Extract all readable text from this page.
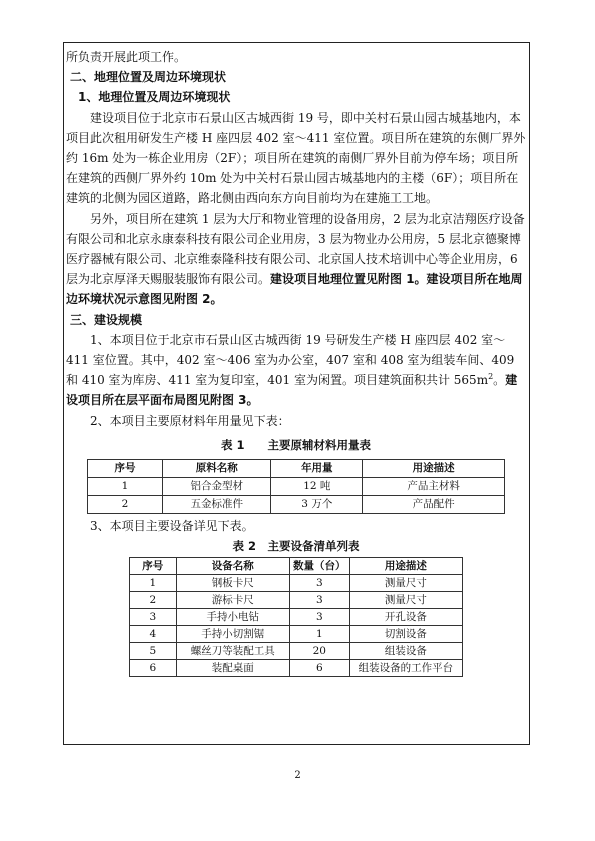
所负责开展此项工作。

二、地理位置及周边环境现状

1、地理位置及周边环境现状

建设项目位于北京市石景山区古城西街 19 号，即中关村石景山园古城基地内，本项目此次租用研发生产楼 H 座四层 402 室～411 室位置。项目所在建筑的东侧厂界外约 16m 处为一栋企业用房（2F）；项目所在建筑的南侧厂界外目前为停车场；项目所在建筑的西侧厂界外约 10m 处为中关村石景山园古城基地内的主楼（6F）；项目所在建筑的北侧为园区道路，路北侧由西向东方向目前均为在建施工工地。

另外，项目所在建筑 1 层为大厅和物业管理的设备用房，2 层为北京洁翔医疗设备有限公司和北京永康泰科技有限公司企业用房，3 层为物业办公用房，5 层北京德聚博医疗器械有限公司、北京维泰隆科技有限公司、北京国人技术培训中心等企业用房，6 层为北京厚泽天赐服装服饰有限公司。建设项目地理位置见附图 1。建设项目所在地周边环境状况示意图见附图 2。

三、建设规模

1、本项目位于北京市石景山区古城西街 19 号研发生产楼 H 座四层 402 室～411 室位置。其中，402 室～406 室为办公室，407 室和 408 室为组装车间、409 和 410 室为库房、411 室为复印室，401 室为闲置。项目建筑面积共计 $565m^2$。建设项目所在层平面布局图见附图 3。

2、本项目主要原材料年用量见下表：

表 1　　主要原辅材料用量表
序号	原料名称	年用量	用途描述
1	铝合金型材	12 吨	产品主材料
2	五金标准件	3 万个	产品配件

3、本项目主要设备详见下表。

表 2　主要设备清单列表
序号	设备名称	数量（台）	用途描述
1	钢板卡尺	3	测量尺寸
2	游标卡尺	3	测量尺寸
3	手持小电钻	3	开孔设备
4	手持小切割锯	1	切割设备
5	螺丝刀等装配工具	20	组装设备
6	装配桌面	6	组装设备的工作平台
2
